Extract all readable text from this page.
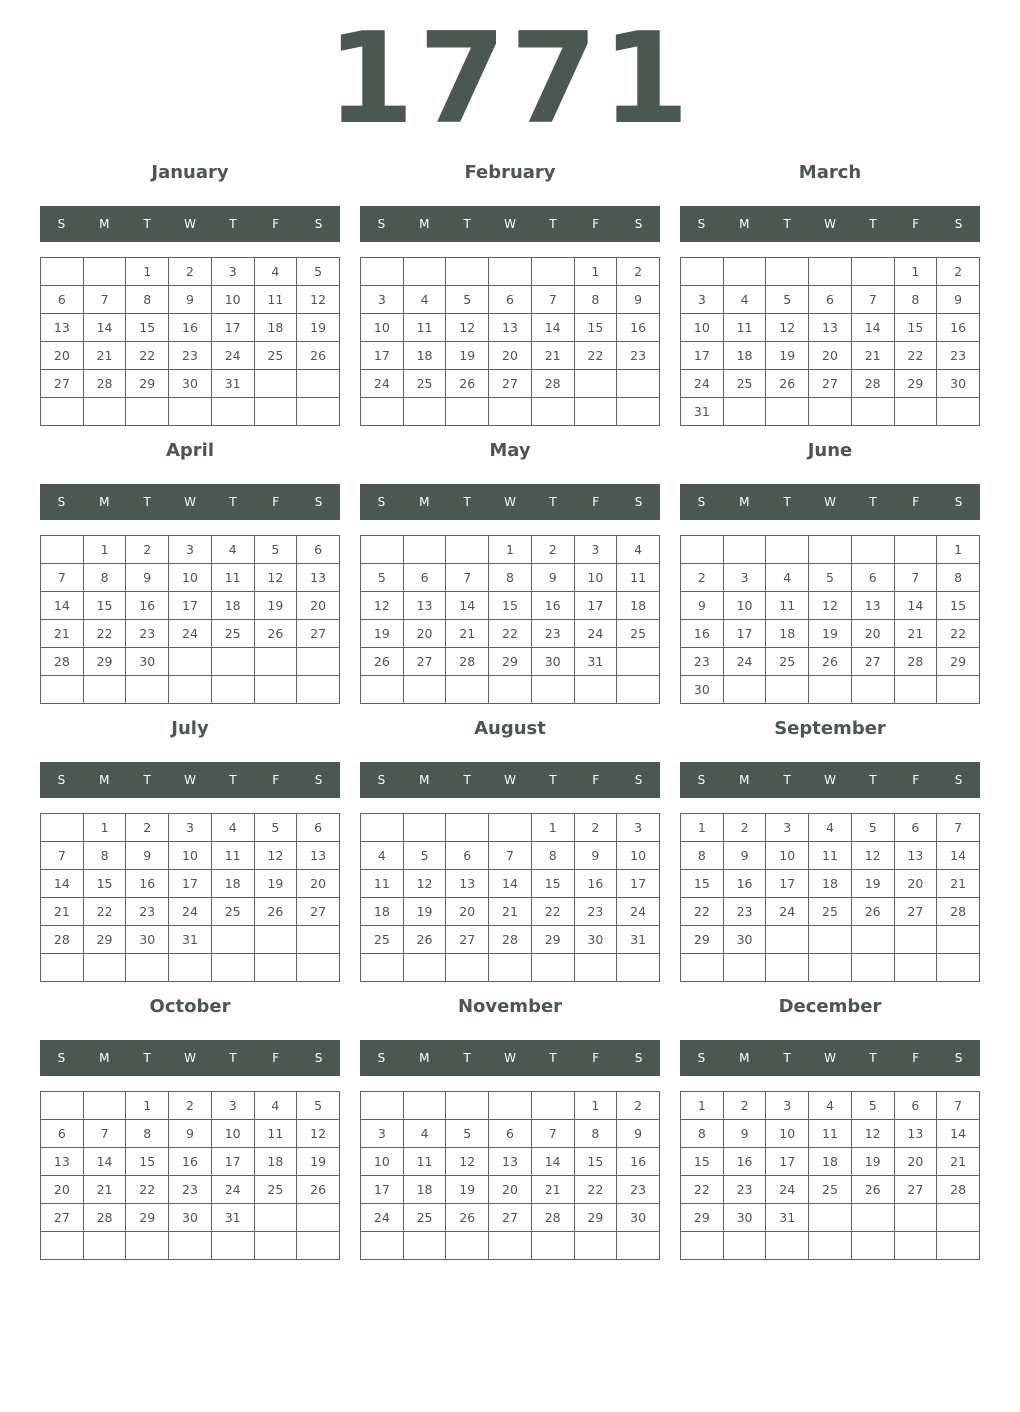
1771
January
S	M	T	W	T	F	S
		1	2	3	4	5
6	7	8	9	10	11	12
13	14	15	16	17	18	19
20	21	22	23	24	25	26
27	28	29	30	31		

February
S	M	T	W	T	F	S
					1	2
3	4	5	6	7	8	9
10	11	12	13	14	15	16
17	18	19	20	21	22	23
24	25	26	27	28		

March
S	M	T	W	T	F	S
					1	2
3	4	5	6	7	8	9
10	11	12	13	14	15	16
17	18	19	20	21	22	23
24	25	26	27	28	29	30
31						
April
S	M	T	W	T	F	S
	1	2	3	4	5	6
7	8	9	10	11	12	13
14	15	16	17	18	19	20
21	22	23	24	25	26	27
28	29	30				

May
S	M	T	W	T	F	S
			1	2	3	4
5	6	7	8	9	10	11
12	13	14	15	16	17	18
19	20	21	22	23	24	25
26	27	28	29	30	31	

June
S	M	T	W	T	F	S
						1
2	3	4	5	6	7	8
9	10	11	12	13	14	15
16	17	18	19	20	21	22
23	24	25	26	27	28	29
30						
July
S	M	T	W	T	F	S
	1	2	3	4	5	6
7	8	9	10	11	12	13
14	15	16	17	18	19	20
21	22	23	24	25	26	27
28	29	30	31			

August
S	M	T	W	T	F	S
				1	2	3
4	5	6	7	8	9	10
11	12	13	14	15	16	17
18	19	20	21	22	23	24
25	26	27	28	29	30	31

September
S	M	T	W	T	F	S
1	2	3	4	5	6	7
8	9	10	11	12	13	14
15	16	17	18	19	20	21
22	23	24	25	26	27	28
29	30					

October
S	M	T	W	T	F	S
		1	2	3	4	5
6	7	8	9	10	11	12
13	14	15	16	17	18	19
20	21	22	23	24	25	26
27	28	29	30	31		

November
S	M	T	W	T	F	S
					1	2
3	4	5	6	7	8	9
10	11	12	13	14	15	16
17	18	19	20	21	22	23
24	25	26	27	28	29	30

December
S	M	T	W	T	F	S
1	2	3	4	5	6	7
8	9	10	11	12	13	14
15	16	17	18	19	20	21
22	23	24	25	26	27	28
29	30	31				
